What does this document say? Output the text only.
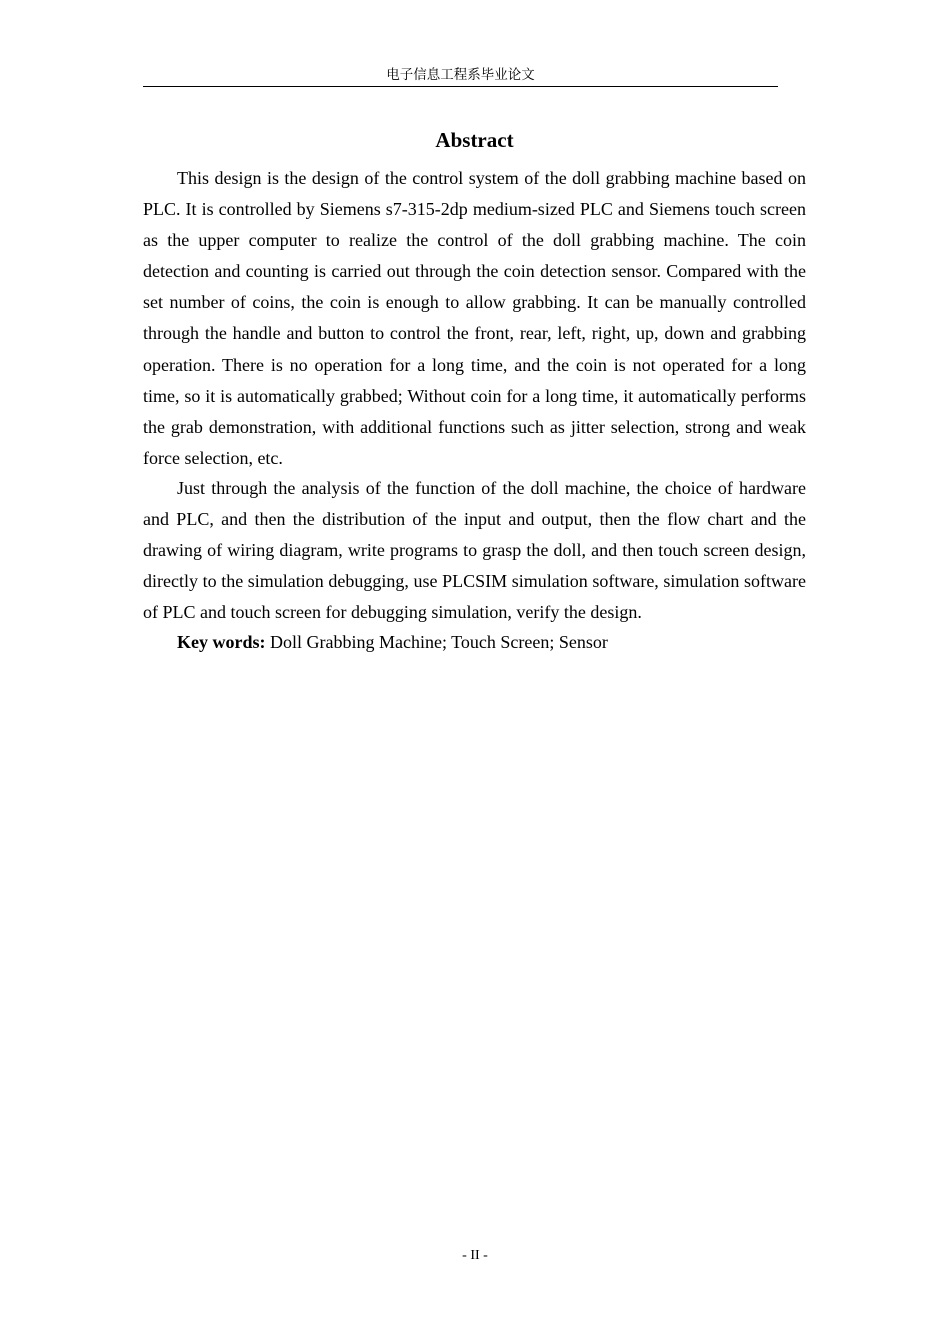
电子信息工程系毕业论文
Abstract

This design is the design of the control system of the doll grabbing machine based on PLC. It is controlled by Siemens s7-315-2dp medium-sized PLC and Siemens touch screen as the upper computer to realize the control of the doll grabbing machine. The coin detection and counting is carried out through the coin detection sensor. Compared with the set number of coins, the coin is enough to allow grabbing. It can be manually controlled through the handle and button to control the front, rear, left, right, up, down and grabbing operation. There is no operation for a long time, and the coin is not operated for a long time, so it is automatically grabbed; Without coin for a long time, it automatically performs the grab demonstration, with additional functions such as jitter selection, strong and weak force selection, etc.

Just through the analysis of the function of the doll machine, the choice of hardware and PLC, and then the distribution of the input and output, then the flow chart and the drawing of wiring diagram, write programs to grasp the doll, and then touch screen design, directly to the simulation debugging, use PLCSIM simulation software, simulation software of PLC and touch screen for debugging simulation, verify the design.

Key words: Doll Grabbing Machine; Touch Screen; Sensor

- II -
